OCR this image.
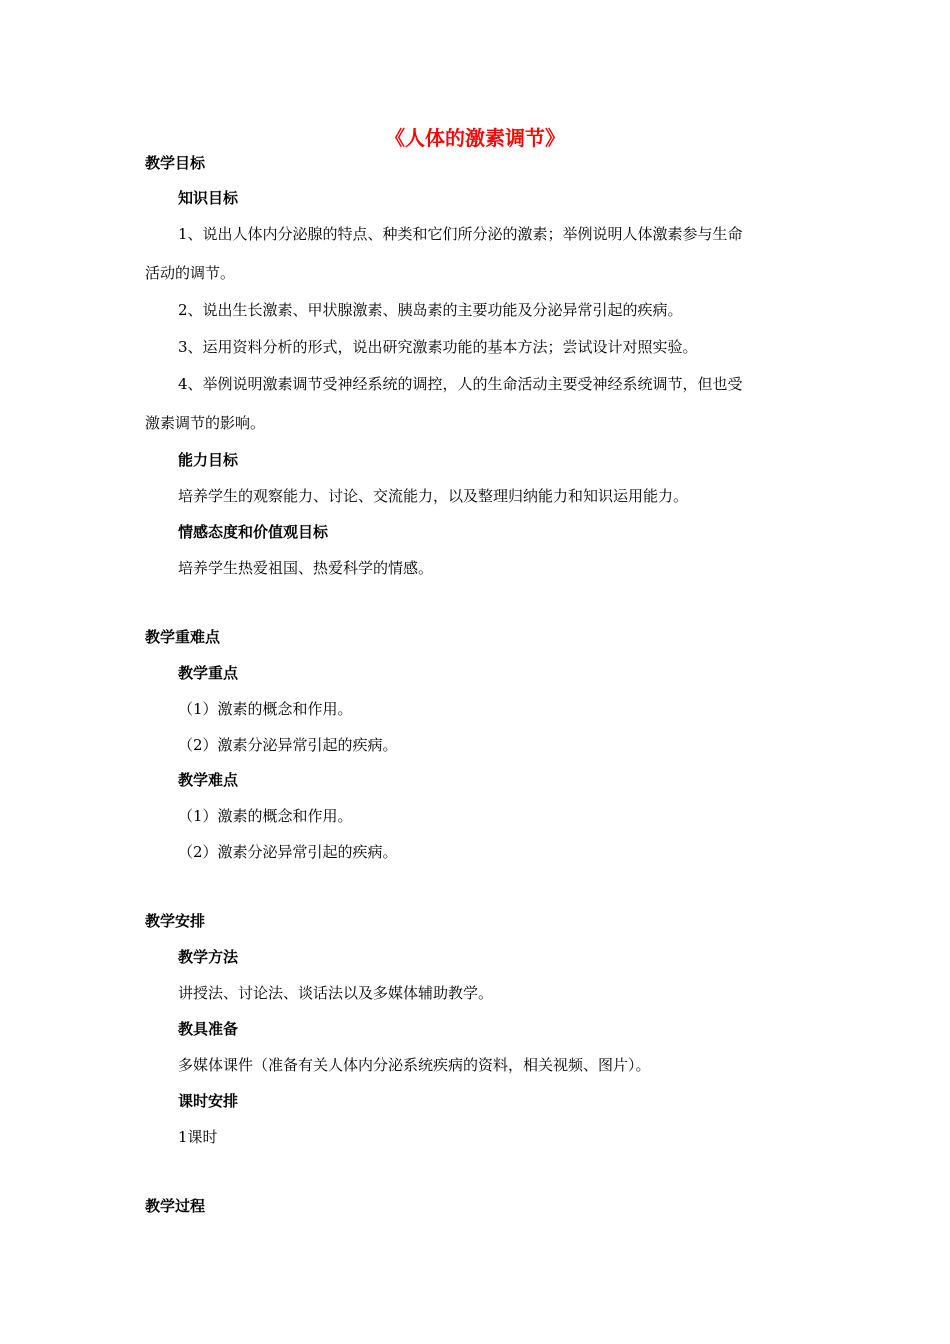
《人体的激素调节》
教学目标
知识目标
1、说出人体内分泌腺的特点、种类和它们所分泌的激素；举例说明人体激素参与生命
活动的调节。
2、说出生长激素、甲状腺激素、胰岛素的主要功能及分泌异常引起的疾病。
3、运用资料分析的形式，说出研究激素功能的基本方法；尝试设计对照实验。
4、举例说明激素调节受神经系统的调控，人的生命活动主要受神经系统调节，但也受
激素调节的影响。
能力目标
培养学生的观察能力、讨论、交流能力，以及整理归纳能力和知识运用能力。
情感态度和价值观目标
培养学生热爱祖国、热爱科学的情感。
教学重难点
教学重点
（1）激素的概念和作用。
（2）激素分泌异常引起的疾病。
教学难点
（1）激素的概念和作用。
（2）激素分泌异常引起的疾病。
教学安排
教学方法
讲授法、讨论法、谈话法以及多媒体辅助教学。
教具准备
多媒体课件（准备有关人体内分泌系统疾病的资料，相关视频、图片）。
课时安排
1课时
教学过程
